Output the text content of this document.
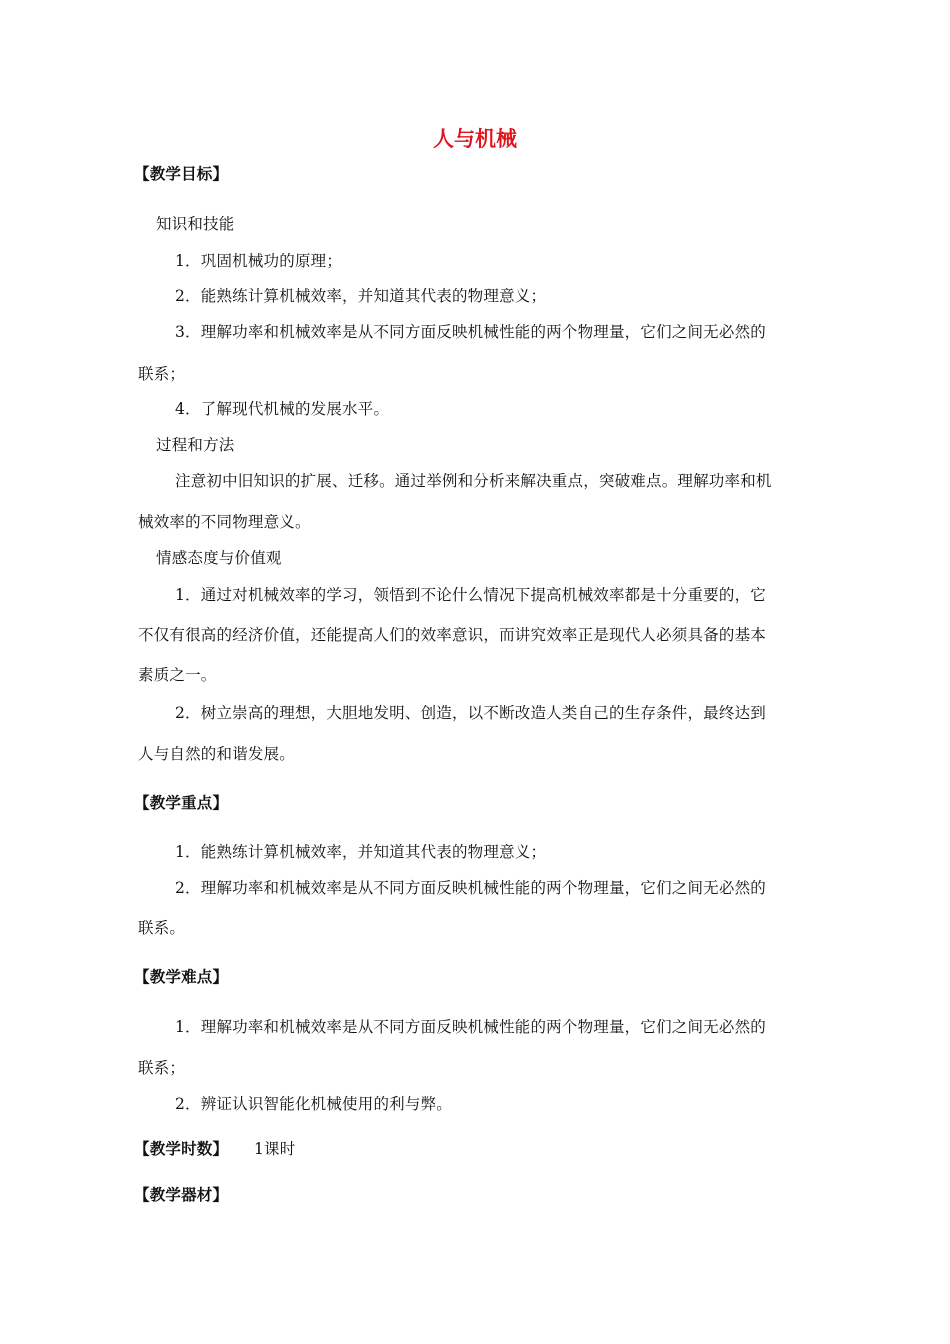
人与机械
【教学目标】
知识和技能
1．巩固机械功的原理；
2．能熟练计算机械效率，并知道其代表的物理意义；
3．理解功率和机械效率是从不同方面反映机械性能的两个物理量，它们之间无必然的
联系；
4．了解现代机械的发展水平。
过程和方法
注意初中旧知识的扩展、迁移。通过举例和分析来解决重点，突破难点。理解功率和机
械效率的不同物理意义。
情感态度与价值观
1．通过对机械效率的学习，领悟到不论什么情况下提高机械效率都是十分重要的，它
不仅有很高的经济价值，还能提高人们的效率意识，而讲究效率正是现代人必须具备的基本
素质之一。
2．树立崇高的理想，大胆地发明、创造，以不断改造人类自己的生存条件，最终达到
人与自然的和谐发展。
【教学重点】
1．能熟练计算机械效率，并知道其代表的物理意义；
2．理解功率和机械效率是从不同方面反映机械性能的两个物理量，它们之间无必然的
联系。
【教学难点】
1．理解功率和机械效率是从不同方面反映机械性能的两个物理量，它们之间无必然的
联系；
2．辨证认识智能化机械使用的利与弊。
【教学时数】 1课时
【教学器材】
